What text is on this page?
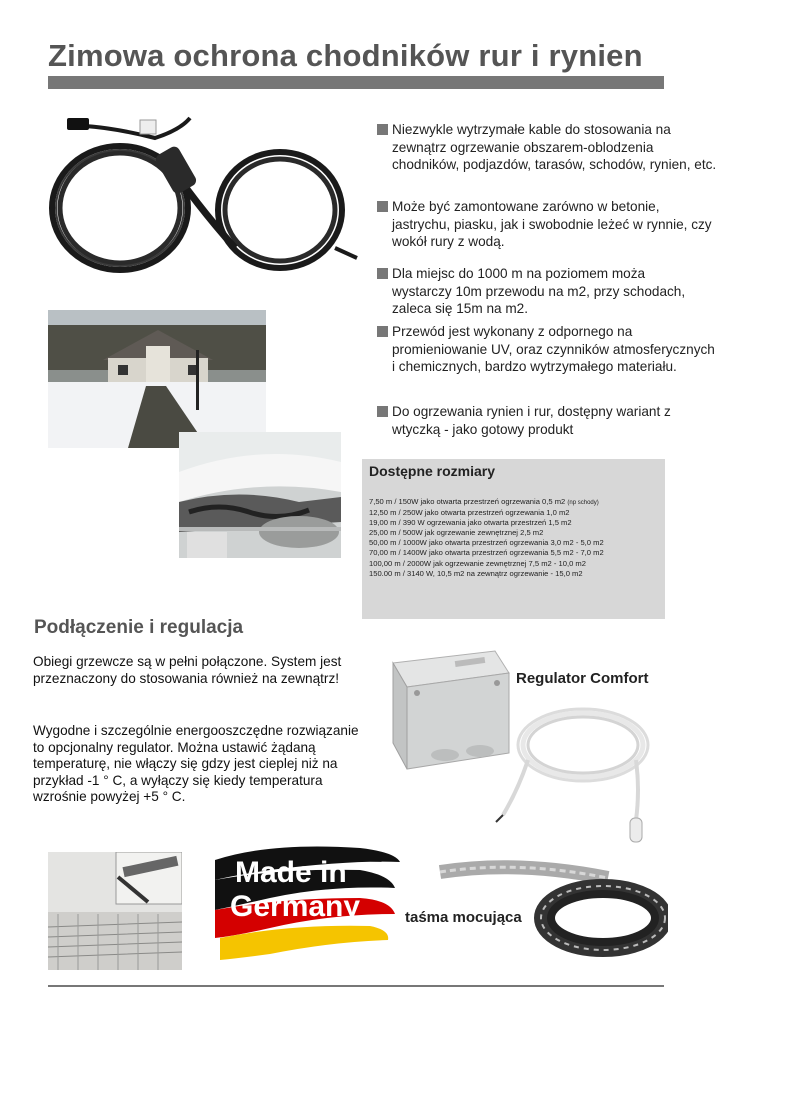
Zimowa ochrona chodników rur i rynien
Niezwykle wytrzymałe kable do stosowania na
zewnątrz ogrzewanie obszarem-oblodzenia chodników, podjazdów, tarasów, schodów, rynien, etc.
Może być zamontowane zarówno w betonie,
jastrychu, piasku, jak i swobodnie leżeć w rynnie, czy wokół rury z wodą.
Dla miejsc do 1000 m na poziomem moża
wystarczy 10m przewodu na m2, przy schodach, zaleca się 15m na m2.
Przewód jest wykonany z odpornego na
promieniowanie UV, oraz czynników atmosferycznych i chemicznych, bardzo wytrzymałego materiału.
Do ogrzewania rynien i rur, dostępny wariant z
wtyczką - jako gotowy produkt
Dostępne rozmiary
7,50 m / 150W jako otwarta przestrzeń ogrzewania 0,5 m2 (np schody)
12,50 m / 250W jako otwarta przestrzeń ogrzewania 1,0 m2
19,00 m / 390 W ogrzewania jako otwarta przestrzeń 1,5 m2
25,00 m / 500W jak ogrzewanie zewnętrznej 2,5 m2
50,00 m / 1000W jako otwarta przestrzeń ogrzewania 3,0 m2 - 5,0 m2
70,00 m / 1400W jako otwarta przestrzeń ogrzewania 5,5 m2 - 7,0 m2
100,00 m / 2000W jak ogrzewanie zewnętrznej 7,5 m2 - 10,0 m2
150.00 m / 3140 W, 10,5 m2 na zewnątrz ogrzewanie - 15,0 m2
Podłączenie i regulacja
Obiegi grzewcze są w pełni połączone. System jest przeznaczony do stosowania również na zewnątrz!
Wygodne i szczególnie energooszczędne rozwiązanie to opcjonalny regulator. Można ustawić żądaną temperaturę, nie włączy się gdzy jest cieplej niż na przykład -1 ° C, a wyłączy się kiedy temperatura wzrośnie powyżej +5 ° C.
Regulator Comfort
Made in
Germany	taśma mocująca
